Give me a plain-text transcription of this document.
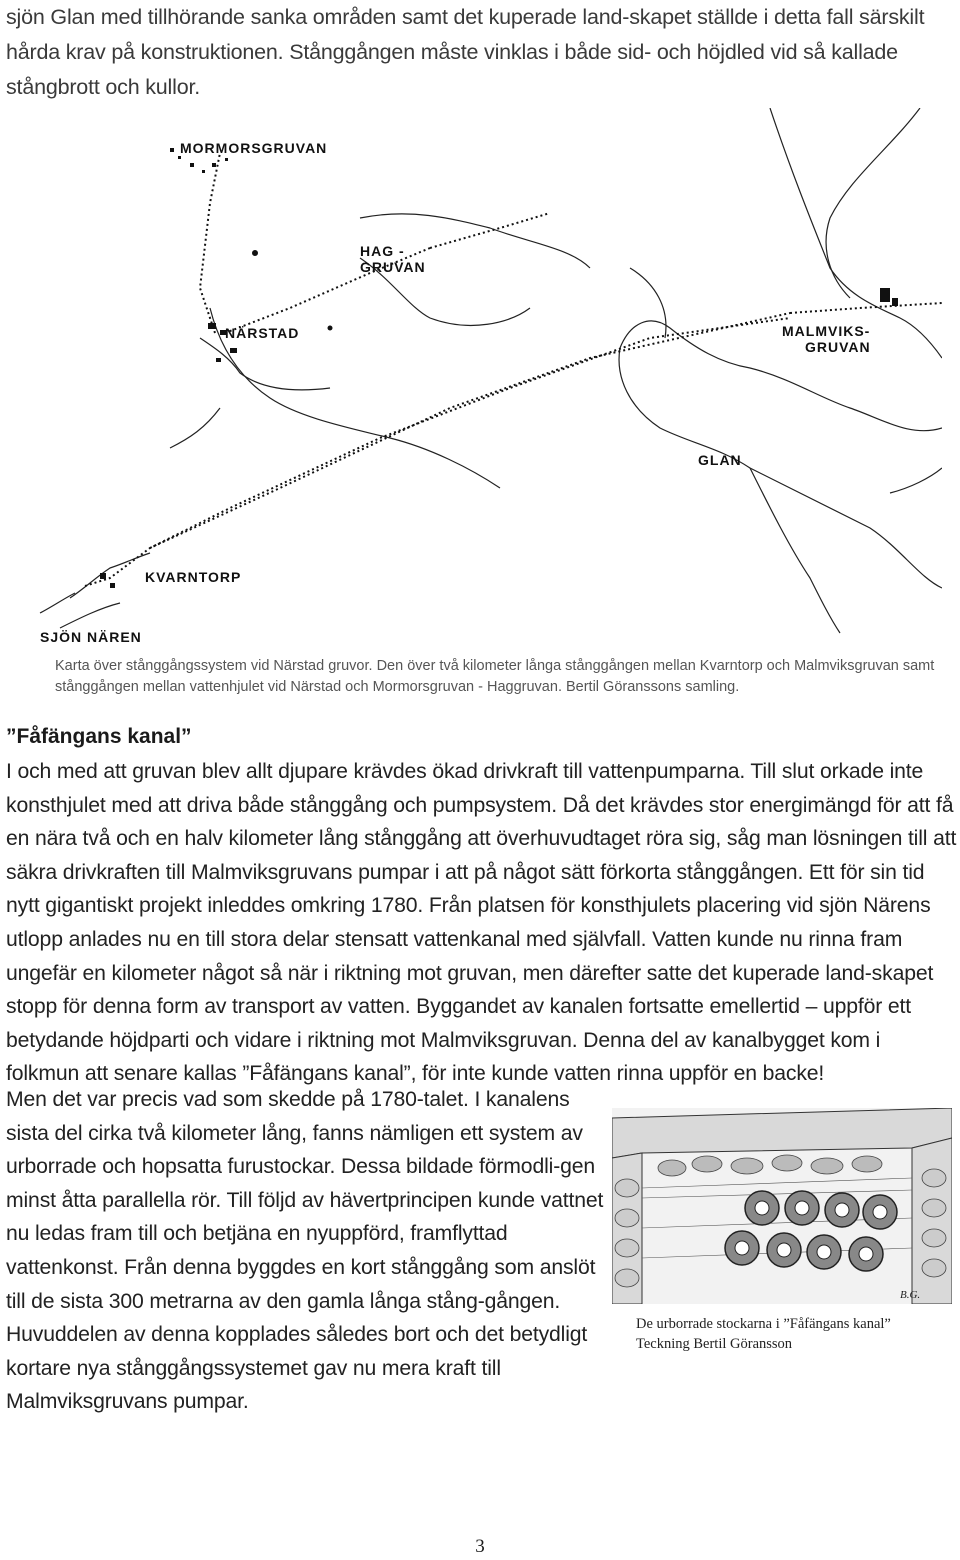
sjön Glan med tillhörande sanka områden samt det kuperade land-skapet ställde i detta fall särskilt hårda krav på konstruktionen. Stånggången måste vinklas i både sid- och höjdled vid så kallade stångbrott och kullor.
MORMORSGRUVAN
HAG -
GRUVAN
NÄRSTAD	MALMVIKS-
GRUVAN
GLAN
KVARNTORP
SJÖN NÄREN
Karta över stånggångssystem vid Närstad gruvor. Den över två kilometer långa stånggången mellan Kvarntorp och Malmviksgruvan samt stånggången mellan vattenhjulet vid Närstad och Mormorsgruvan - Haggruvan. Bertil Göranssons samling.
”Fåfängans kanal”

I och med att gruvan blev allt djupare krävdes ökad drivkraft till vattenpumparna. Till slut orkade inte konsthjulet med att driva både stånggång och pumpsystem. Då det krävdes stor energimängd för att få en nära två och en halv kilometer lång stånggång att överhuvudtaget röra sig, såg man lösningen till att säkra drivkraften till Malmviksgruvans pumpar i att på något sätt förkorta stånggången. Ett för sin tid nytt gigantiskt projekt inleddes omkring 1780. Från platsen för konsthjulets placering vid sjön Närens utlopp anlades nu en till stora delar stensatt vattenkanal med självfall. Vatten kunde nu rinna fram ungefär en kilometer något så när i riktning mot gruvan, men därefter satte det kuperade land-skapet stopp för denna form av transport av vatten. Byggandet av kanalen fortsatte emellertid – uppför ett betydande höjdparti och vidare i riktning mot Malmviksgruvan. Denna del av kanalbygget kom i folkmun att senare kallas ”Fåfängans kanal”, för inte kunde vatten rinna uppför en backe!

Men det var precis vad som skedde på 1780-talet. I kanalens sista del cirka två kilometer lång, fanns nämligen ett system av urborrade och hopsatta furustockar. Dessa bildade förmodli-gen minst åtta parallella rör. Till följd av hävertprincipen kunde vattnet nu ledas fram till och betjäna en nyuppförd, framflyttad vattenkonst. Från denna byggdes en kort stånggång som anslöt till de sista 300 metrarna av den gamla långa stång-gången. Huvuddelen av denna kopplades således bort och det betydligt kortare nya stånggångssystemet gav nu mera kraft till Malmviksgruvans pumpar.
B.G.
De urborrade stockarna i ”Fåfängans kanal”
Teckning Bertil Göransson
3
